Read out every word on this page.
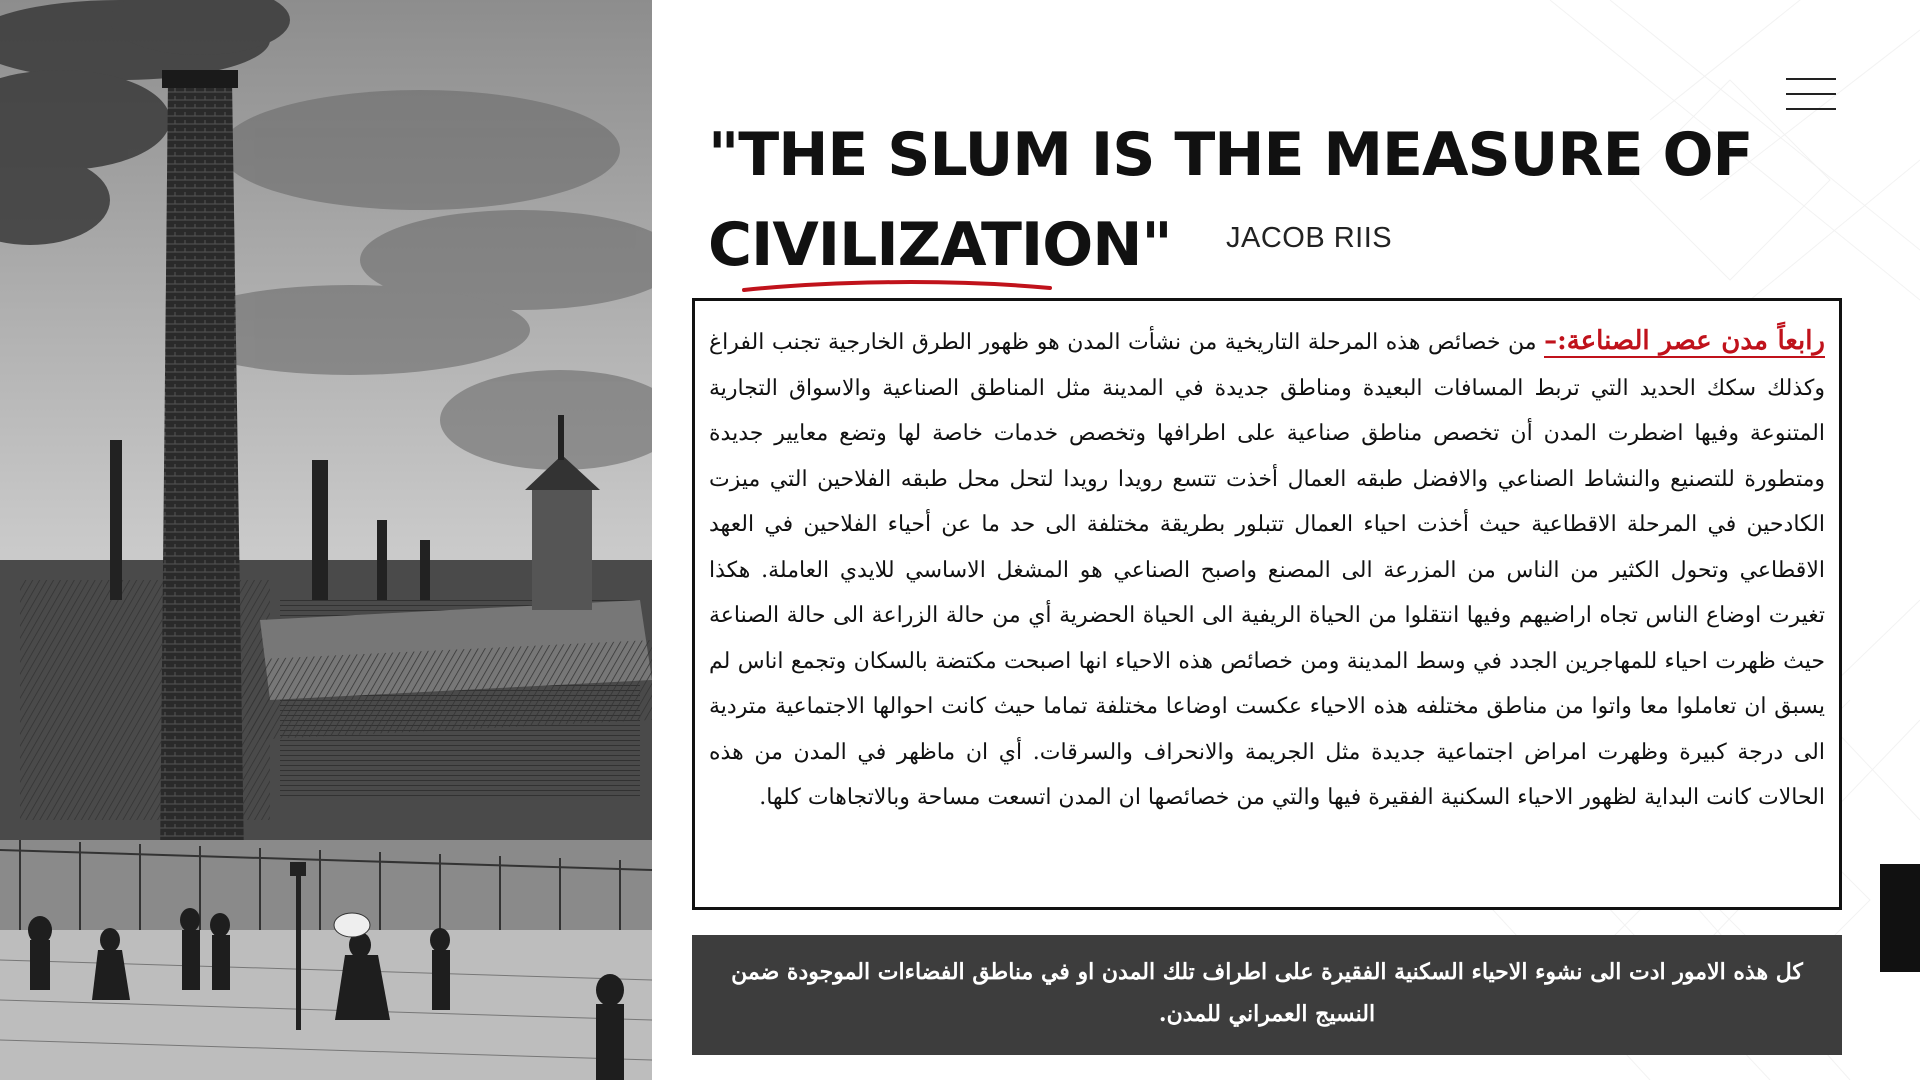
"THE SLUM IS THE MEASURE OF
CIVILIZATION"	JACOB RIIS
رابعاً مدن عصر الصناعة:– من خصائص هذه المرحلة التاريخية من نشأت المدن هو ظهور الطرق الخارجية تجنب الفراغ وكذلك سكك الحديد التي تربط المسافات البعيدة ومناطق جديدة في المدينة مثل المناطق الصناعية والاسواق التجارية المتنوعة وفيها اضطرت المدن أن تخصص مناطق صناعية على اطرافها وتخصص خدمات خاصة لها وتضع معايير جديدة ومتطورة للتصنيع والنشاط الصناعي والافضل طبقه العمال أخذت تتسع رويدا رويدا لتحل محل طبقه الفلاحين التي ميزت الكادحين في المرحلة الاقطاعية حيث أخذت احياء العمال تتبلور بطريقة مختلفة الى حد ما عن أحياء الفلاحين في العهد الاقطاعي وتحول الكثير من الناس من المزرعة الى المصنع واصبح الصناعي هو المشغل الاساسي للايدي العاملة. هكذا تغيرت اوضاع الناس تجاه اراضيهم وفيها انتقلوا من الحياة الريفية الى الحياة الحضرية أي من حالة الزراعة الى حالة الصناعة حيث ظهرت احياء للمهاجرين الجدد في وسط المدينة ومن خصائص هذه الاحياء انها اصبحت مكتضة بالسكان وتجمع اناس لم يسبق ان تعاملوا معا واتوا من مناطق مختلفه هذه الاحياء عكست اوضاعا مختلفة تماما حيث كانت احوالها الاجتماعية متردية الى درجة كبيرة وظهرت امراض اجتماعية جديدة مثل الجريمة والانحراف والسرقات. أي ان ماظهر في المدن من هذه الحالات كانت البداية لظهور الاحياء السكنية الفقيرة فيها والتي من خصائصها ان المدن اتسعت مساحة وبالاتجاهات كلها.
كل هذه الامور ادت الى نشوء الاحياء السكنية الفقيرة على اطراف تلك المدن او في مناطق الفضاءات الموجودة ضمن النسيج العمراني للمدن.
